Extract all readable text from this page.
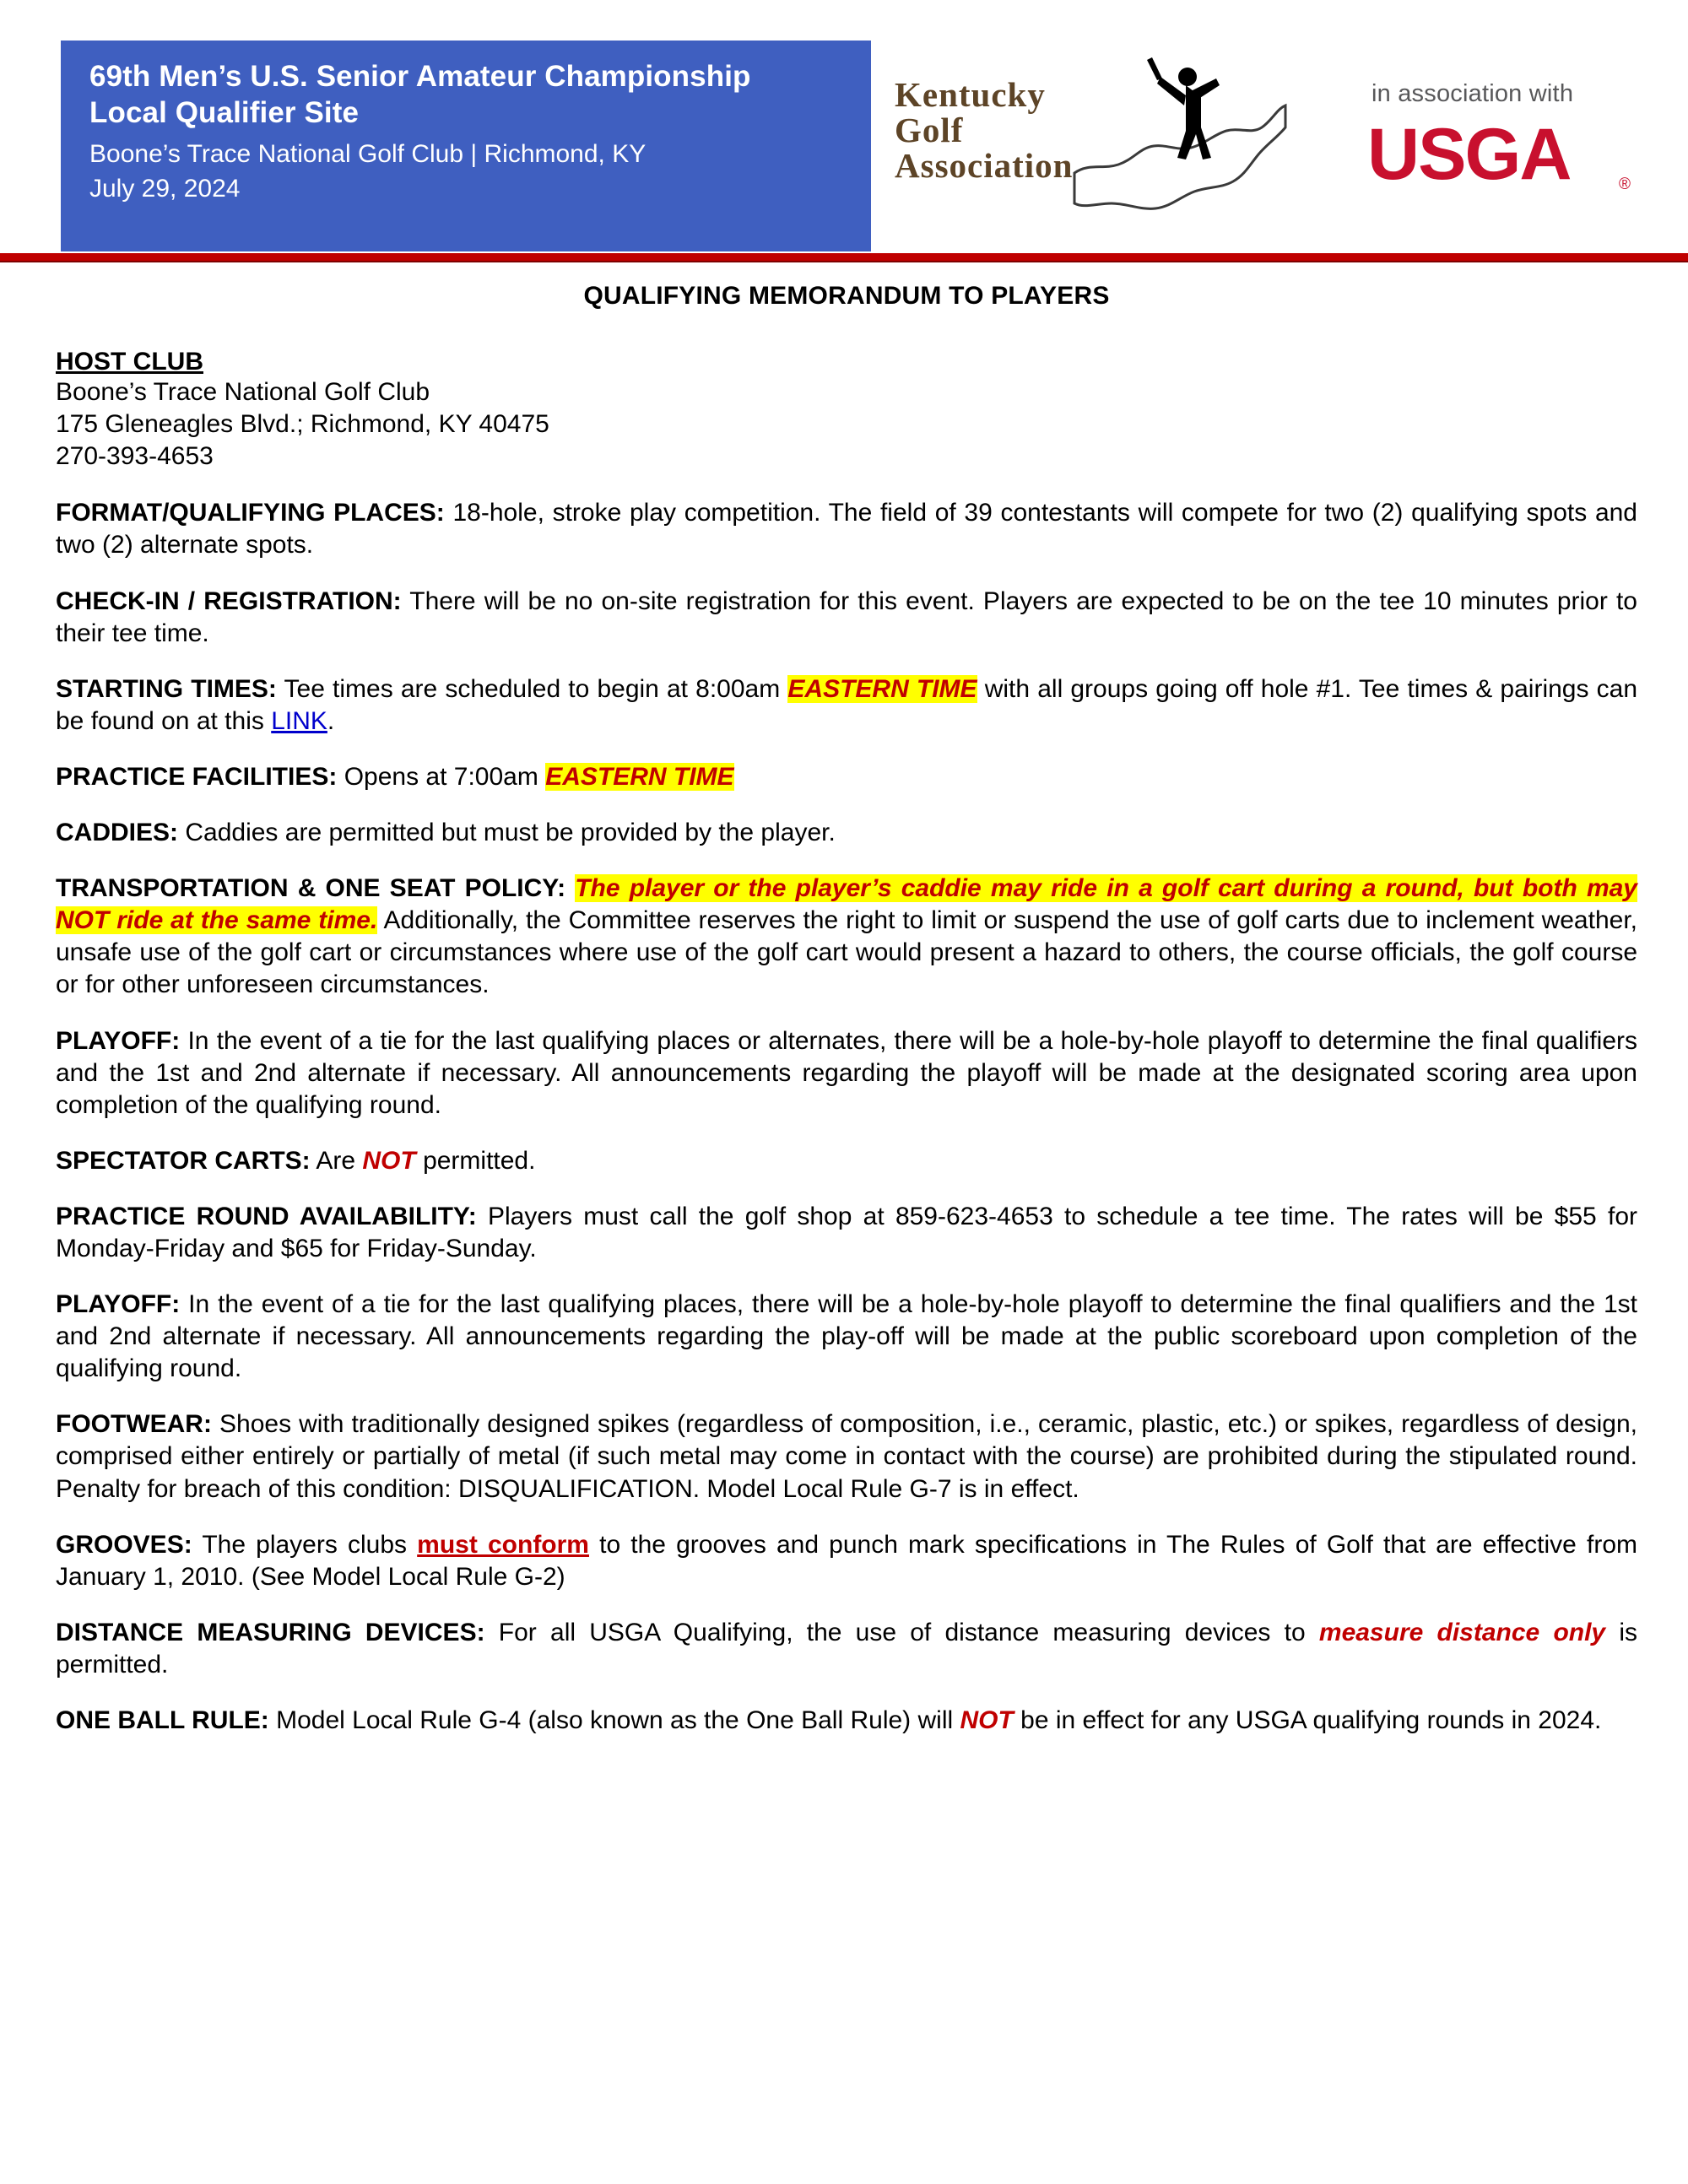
69th Men’s U.S. Senior Amateur Championship
Local Qualifier Site
Boone’s Trace National Golf Club | Richmond, KY
July 29, 2024
Kentucky
Golf
Association
in association with
USGA	®
QUALIFYING MEMORANDUM TO PLAYERS
HOST CLUB
Boone’s Trace National Golf Club
175 Gleneagles Blvd.; Richmond, KY 40475
270-393-4653

FORMAT/QUALIFYING PLACES: 18-hole, stroke play competition. The field of 39 contestants will compete for two (2) qualifying spots and two (2) alternate spots.

CHECK-IN / REGISTRATION: There will be no on-site registration for this event. Players are expected to be on the tee 10 minutes prior to their tee time.

STARTING TIMES: Tee times are scheduled to begin at 8:00am EASTERN TIME with all groups going off hole #1. Tee times & pairings can be found on at this LINK.

PRACTICE FACILITIES: Opens at 7:00am EASTERN TIME

CADDIES: Caddies are permitted but must be provided by the player.

TRANSPORTATION & ONE SEAT POLICY: The player or the player’s caddie may ride in a golf cart during a round, but both may NOT ride at the same time. Additionally, the Committee reserves the right to limit or suspend the use of golf carts due to inclement weather, unsafe use of the golf cart or circumstances where use of the golf cart would present a hazard to others, the course officials, the golf course or for other unforeseen circumstances.

PLAYOFF: In the event of a tie for the last qualifying places or alternates, there will be a hole-by-hole playoff to determine the final qualifiers and the 1st and 2nd alternate if necessary. All announcements regarding the playoff will be made at the designated scoring area upon completion of the qualifying round.

SPECTATOR CARTS: Are NOT permitted.

PRACTICE ROUND AVAILABILITY: Players must call the golf shop at 859-623-4653 to schedule a tee time. The rates will be $55 for Monday-Friday and $65 for Friday-Sunday.

PLAYOFF: In the event of a tie for the last qualifying places, there will be a hole-by-hole playoff to determine the final qualifiers and the 1st and 2nd alternate if necessary. All announcements regarding the play-off will be made at the public scoreboard upon completion of the qualifying round.

FOOTWEAR: Shoes with traditionally designed spikes (regardless of composition, i.e., ceramic, plastic, etc.) or spikes, regardless of design, comprised either entirely or partially of metal (if such metal may come in contact with the course) are prohibited during the stipulated round. Penalty for breach of this condition: DISQUALIFICATION. Model Local Rule G-7 is in effect.

GROOVES: The players clubs must conform to the grooves and punch mark specifications in The Rules of Golf that are effective from January 1, 2010. (See Model Local Rule G-2)

DISTANCE MEASURING DEVICES: For all USGA Qualifying, the use of distance measuring devices to measure distance only is permitted.

ONE BALL RULE: Model Local Rule G-4 (also known as the One Ball Rule) will NOT be in effect for any USGA qualifying rounds in 2024.
